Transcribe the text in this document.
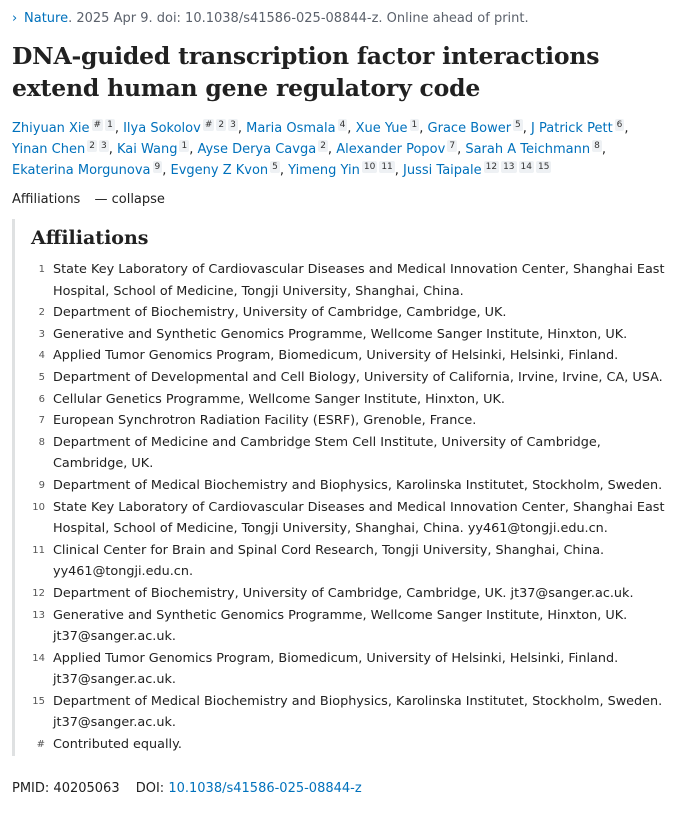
› Nature. 2025 Apr 9. doi: 10.1038/s41586-025-08844-z. Online ahead of print.
DNA-guided transcription factor interactions extend human gene regulatory code
Zhiyuan Xie # 1 , Ilya Sokolov # 2 3 , Maria Osmala 4 , Xue Yue 1 , Grace Bower 5 , J Patrick Pett 6 , Yinan Chen 2 3 , Kai Wang 1 , Ayse Derya Cavga 2 , Alexander Popov 7 , Sarah A Teichmann 8 , Ekaterina Morgunova 9 , Evgeny Z Kvon 5 , Yimeng Yin 10 11 , Jussi Taipale 12 13 14 15
Affiliations — collapse
Affiliations
1 State Key Laboratory of Cardiovascular Diseases and Medical Innovation Center, Shanghai East Hospital, School of Medicine, Tongji University, Shanghai, China.
2 Department of Biochemistry, University of Cambridge, Cambridge, UK.
3 Generative and Synthetic Genomics Programme, Wellcome Sanger Institute, Hinxton, UK.
4 Applied Tumor Genomics Program, Biomedicum, University of Helsinki, Helsinki, Finland.
5 Department of Developmental and Cell Biology, University of California, Irvine, Irvine, CA, USA.
6 Cellular Genetics Programme, Wellcome Sanger Institute, Hinxton, UK.
7 European Synchrotron Radiation Facility (ESRF), Grenoble, France.
8 Department of Medicine and Cambridge Stem Cell Institute, University of Cambridge, Cambridge, UK.
9 Department of Medical Biochemistry and Biophysics, Karolinska Institutet, Stockholm, Sweden.
10 State Key Laboratory of Cardiovascular Diseases and Medical Innovation Center, Shanghai East Hospital, School of Medicine, Tongji University, Shanghai, China. yy461@tongji.edu.cn.
11 Clinical Center for Brain and Spinal Cord Research, Tongji University, Shanghai, China. yy461@tongji.edu.cn.
12 Department of Biochemistry, University of Cambridge, Cambridge, UK. jt37@sanger.ac.uk.
13 Generative and Synthetic Genomics Programme, Wellcome Sanger Institute, Hinxton, UK. jt37@sanger.ac.uk.
14 Applied Tumor Genomics Program, Biomedicum, University of Helsinki, Helsinki, Finland. jt37@sanger.ac.uk.
15 Department of Medical Biochemistry and Biophysics, Karolinska Institutet, Stockholm, Sweden. jt37@sanger.ac.uk.
# Contributed equally.
PMID: 40205063 DOI: 10.1038/s41586-025-08844-z
